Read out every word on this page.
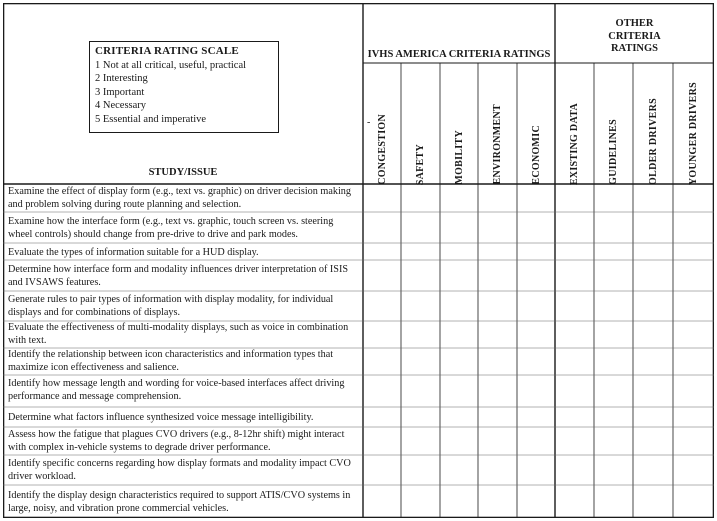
CRITERIA RATING SCALE
1 Not at all critical, useful, practical
2 Interesting
3 Important
4 Necessary
5 Essential and imperative
STUDY/ISSUE
IVHS AMERICA CRITERIA RATINGS
OTHER
CRITERIA
RATINGS
- CONGESTION	SAFETY	MOBILITY	ENVIRONMENT	ECONOMIC	EXISTING DATA	GUIDELINES	OLDER DRIVERS	YOUNGER DRIVERS
Examine the effect of display form (e.g., text vs. graphic) on driver decision making
and problem solving during route planning and selection.
Examine how the interface form (e.g., text vs. graphic, touch screen vs. steering
wheel controls) should change from pre-drive to drive and park modes.
Evaluate the types of information suitable for a HUD display.
Determine how interface form and modality influences driver interpretation of ISIS
and IVSAWS features.
Generate rules to pair types of information with display modality, for individual
displays and for combinations of displays.
Evaluate the effectiveness of multi-modality displays, such as voice in combination
with text.
Identify the relationship between icon characteristics and information types that
maximize icon effectiveness and salience.
Identify how message length and wording for voice-based interfaces affect driving
performance and message comprehension.
Determine what factors influence synthesized voice message intelligibility.
Assess how the fatigue that plagues CVO drivers (e.g., 8-12hr shift) might interact
with complex in-vehicle systems to degrade driver performance.
Identify specific concerns regarding how display formats and modality impact CVO
driver workload.
Identify the display design characteristics required to support ATIS/CVO systems in
large, noisy, and vibration prone commercial vehicles.
